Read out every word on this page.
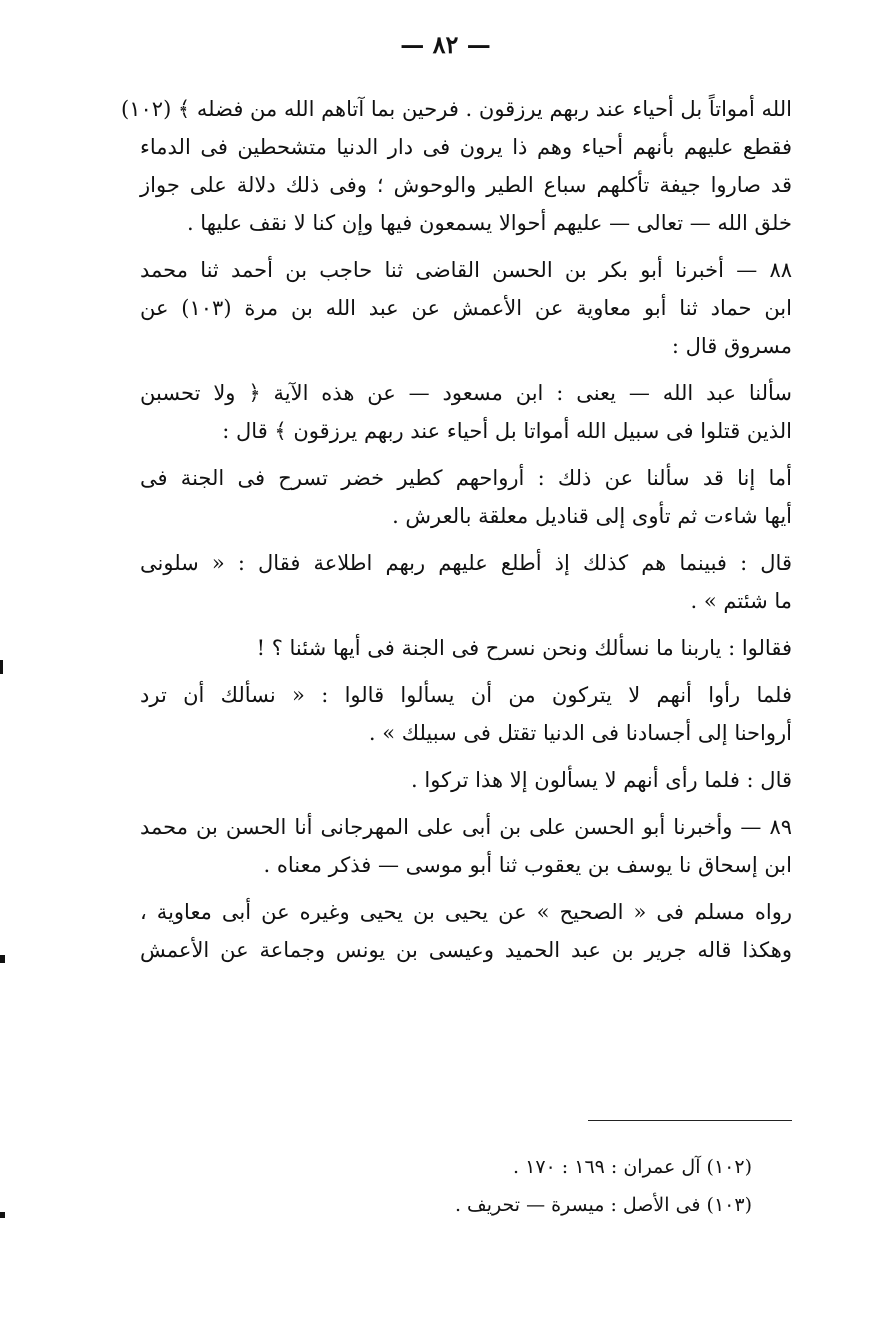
— ٨٢ —
الله أمواتاً بل أحياء عند ربهم يرزقون . فرحين بما آتاهم الله من فضله ﴾ (١٠٢)
فقطع عليهم بأنهم أحياء وهم ذا يرون فى دار الدنيا متشحطين فى الدماء
قد صاروا جيفة تأكلهم سباع الطير والوحوش ؛ وفى ذلك دلالة على جواز
خلق الله — تعالى — عليهم أحوالا يسمعون فيها وإن كنا لا نقف عليها .
٨٨ — أخبرنا أبو بكر بن الحسن القاضى ثنا حاجب بن أحمد ثنا محمد
ابن حماد ثنا أبو معاوية عن الأعمش عن عبد الله بن مرة (١٠٣) عن
مسروق قال :
سألنا عبد الله — يعنى : ابن مسعود — عن هذه الآية ﴿ ولا تحسبن
الذين قتلوا فى سبيل الله أمواتا بل أحياء عند ربهم يرزقون ﴾ قال :
أما إنا قد سألنا عن ذلك : أرواحهم كطير خضر تسرح فى الجنة فى
أيها شاءت ثم تأوى إلى قناديل معلقة بالعرش .
قال : فبينما هم كذلك إذ أطلع عليهم ربهم اطلاعة فقال : « سلونى
ما شئتم » .
فقالوا : ياربنا ما نسألك ونحن نسرح فى الجنة فى أيها شئنا ؟ !
فلما رأوا أنهم لا يتركون من أن يسألوا قالوا : « نسألك أن ترد
أرواحنا إلى أجسادنا فى الدنيا تقتل فى سبيلك » .
قال : فلما رأى أنهم لا يسألون إلا هذا تركوا .
٨٩ — وأخبرنا أبو الحسن على بن أبى على المهرجانى أنا الحسن بن محمد
ابن إسحاق نا يوسف بن يعقوب ثنا أبو موسى — فذكر معناه .
رواه مسلم فى « الصحيح » عن يحيى بن يحيى وغيره عن أبى معاوية ،
وهكذا قاله جرير بن عبد الحميد وعيسى بن يونس وجماعة عن الأعمش
(١٠٢) آل عمران : ١٦٩ : ١٧٠ .
(١٠٣) فى الأصل : ميسرة — تحريف .
